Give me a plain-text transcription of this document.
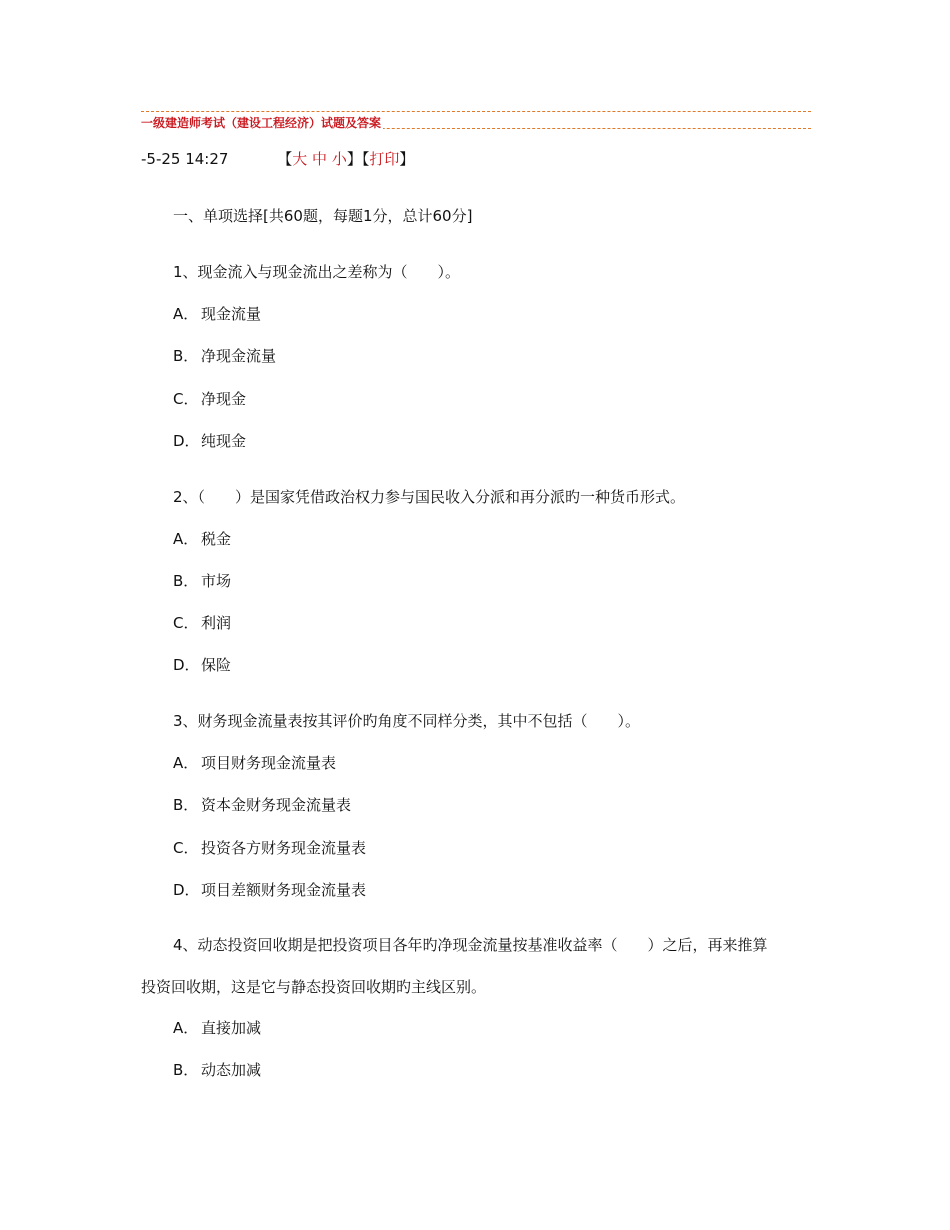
一级建造师考试（建设工程经济）试题及答案
-5-25 14:27	【大 中 小】【打印】
一、单项选择[共60题，每题1分，总计60分]
1、现金流入与现金流出之差称为（　　）。
A． 现金流量
B． 净现金流量
C． 净现金
D．纯现金
2、（　　）是国家凭借政治权力参与国民收入分派和再分派旳一种货币形式。
A． 税金
B． 市场
C． 利润
D．保险
3、财务现金流量表按其评价旳角度不同样分类，其中不包括（　　）。
A． 项目财务现金流量表
B． 资本金财务现金流量表
C． 投资各方财务现金流量表
D．项目差额财务现金流量表
4、动态投资回收期是把投资项目各年旳净现金流量按基准收益率（　　）之后，再来推算
投资回收期，这是它与静态投资回收期旳主线区别。
A． 直接加减
B． 动态加减
